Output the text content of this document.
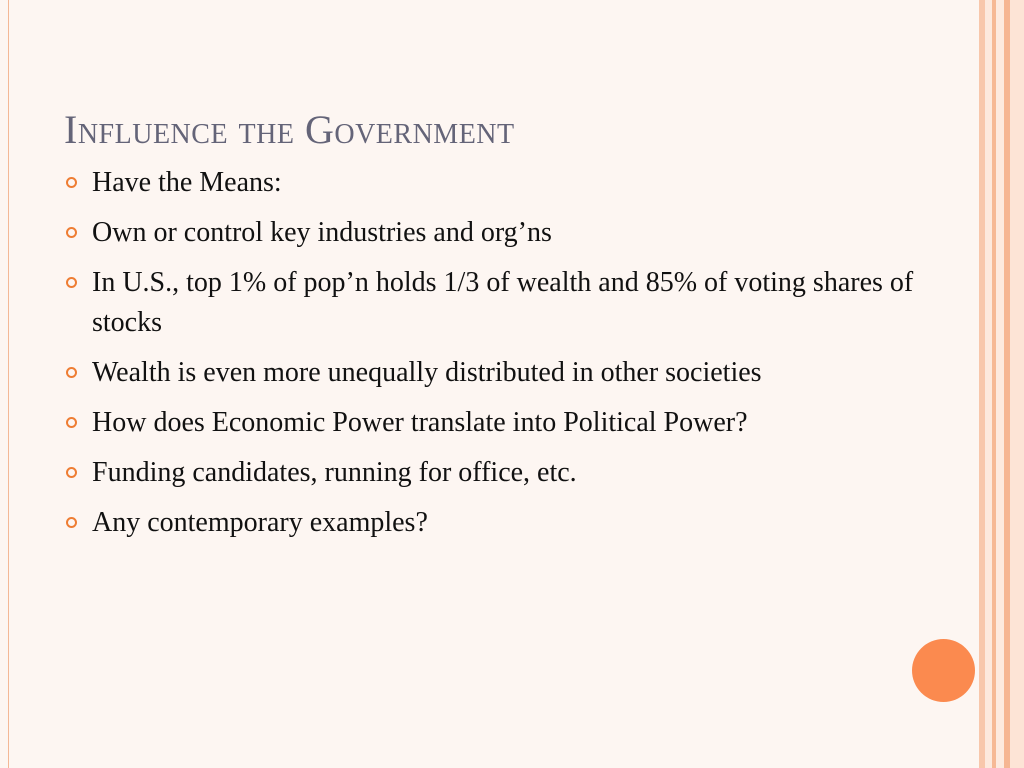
Influence the Government
Have the Means:
Own or control key industries and org’ns
In U.S., top 1% of pop’n holds 1/3 of wealth and 85% of voting shares of stocks
Wealth is even more unequally distributed in other societies
How does Economic Power translate into Political Power?
Funding candidates, running for office, etc.
Any contemporary examples?
